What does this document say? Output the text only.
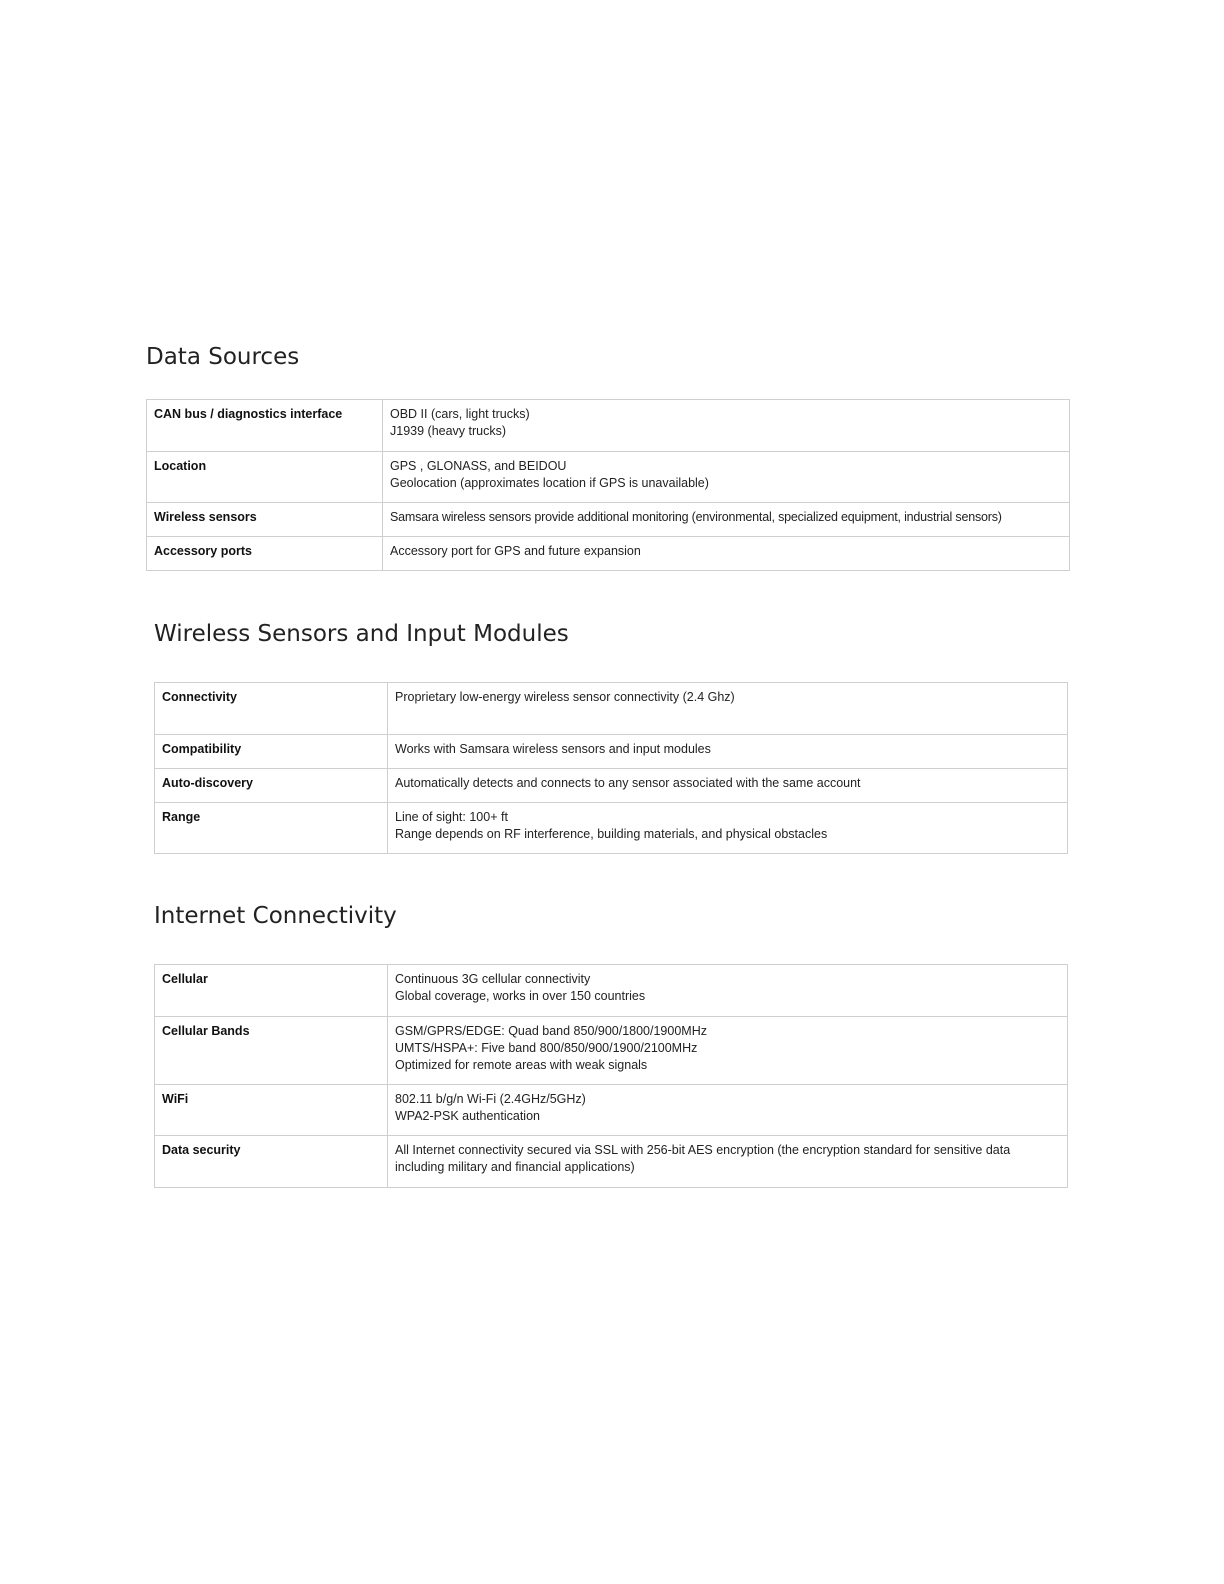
Data Sources
CAN bus / diagnostics interface	OBD II (cars, light trucks)
J1939 (heavy trucks)

Location	GPS , GLONASS, and BEIDOU
Geolocation (approximates location if GPS is unavailable)

Wireless sensors	Samsara wireless sensors provide additional monitoring (environmental, specialized equipment, industrial sensors)

Accessory ports	Accessory port for GPS and future expansion
Wireless Sensors and Input Modules
Connectivity	Proprietary low-energy wireless sensor connectivity (2.4 Ghz)

Compatibility	Works with Samsara wireless sensors and input modules

Auto-discovery	Automatically detects and connects to any sensor associated with the same account

Range	Line of sight: 100+ ft
Range depends on RF interference, building materials, and physical obstacles
Internet Connectivity
Cellular	Continuous 3G cellular connectivity
Global coverage, works in over 150 countries

Cellular Bands	GSM/GPRS/EDGE: Quad band 850/900/1800/1900MHz
UMTS/HSPA+: Five band 800/850/900/1900/2100MHz
Optimized for remote areas with weak signals

WiFi	802.11 b/g/n Wi-Fi (2.4GHz/5GHz)
WPA2-PSK authentication

Data security	All Internet connectivity secured via SSL with 256-bit AES encryption (the encryption standard for sensitive data including military and financial applications)
